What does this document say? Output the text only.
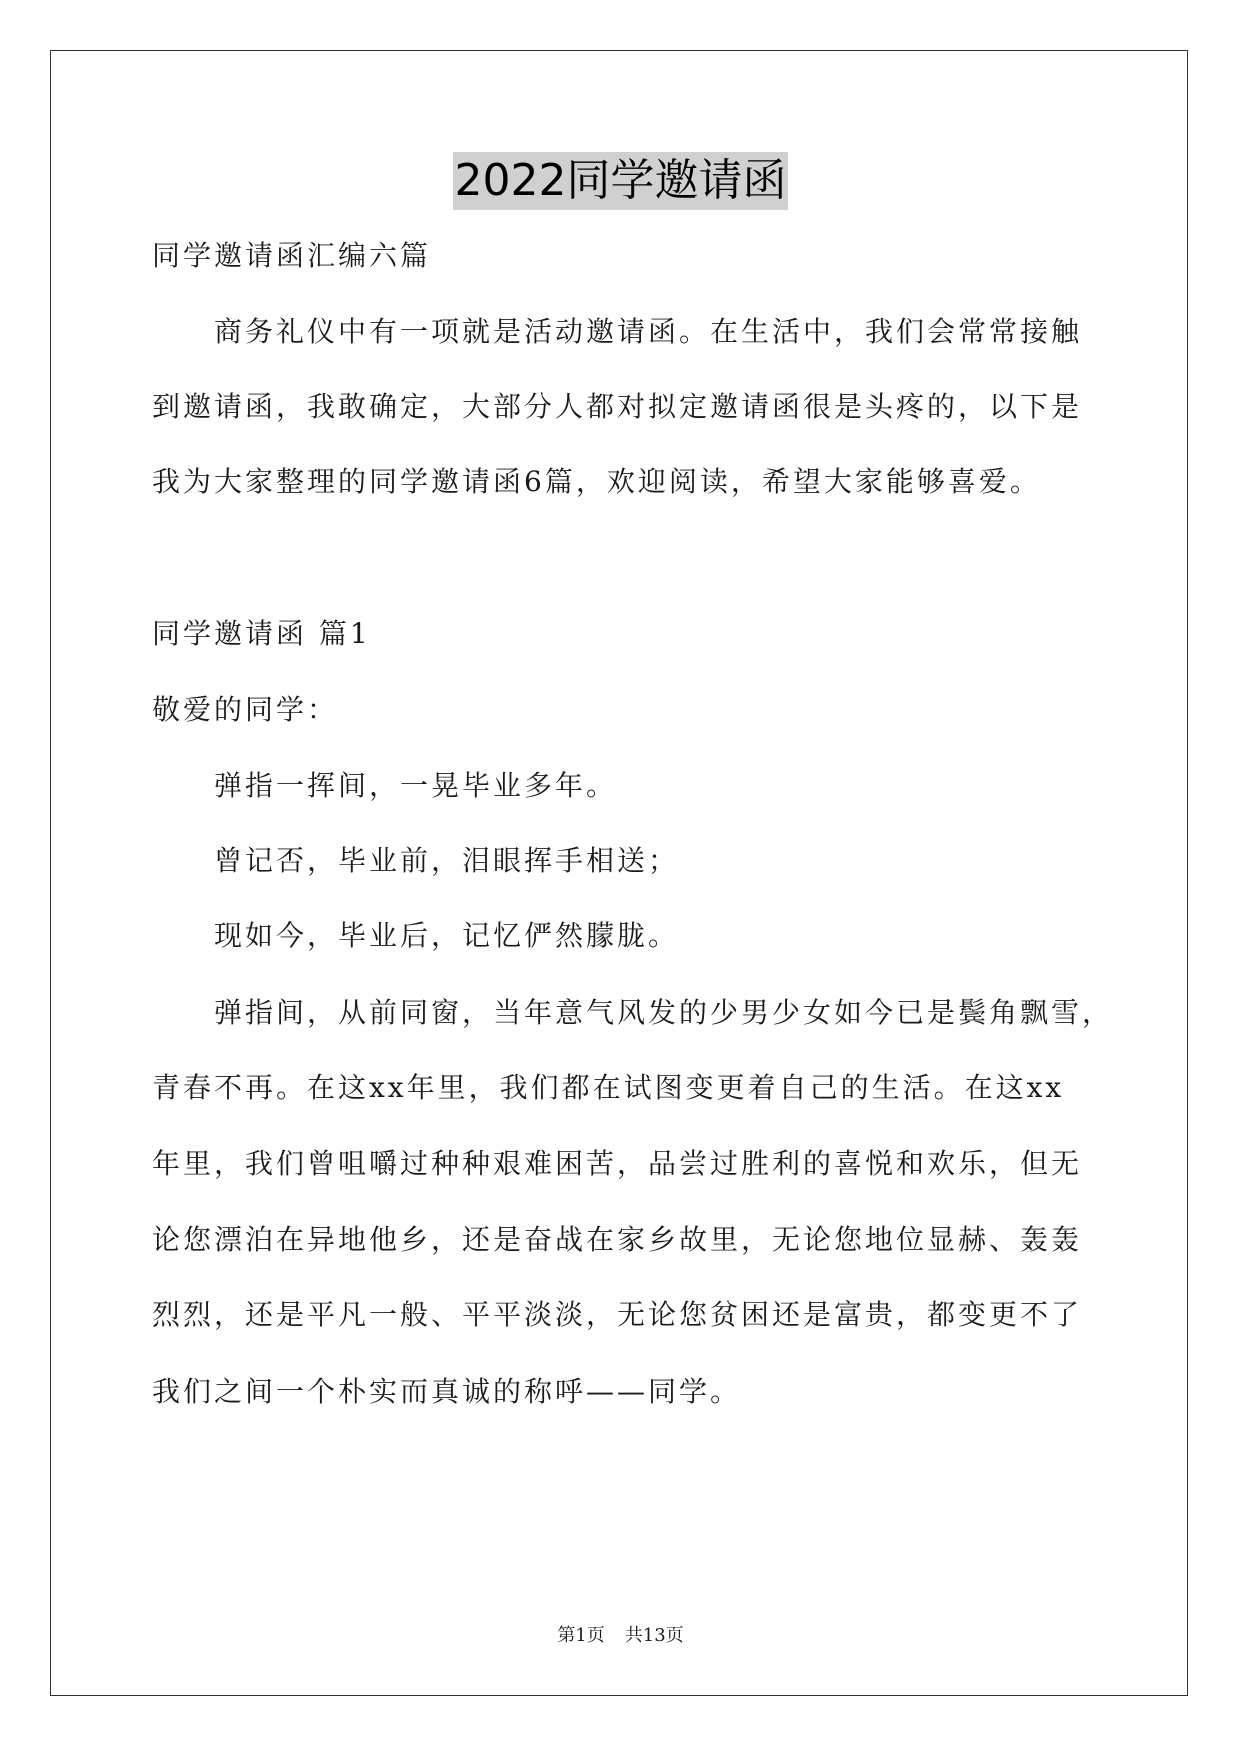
2022同学邀请函
同学邀请函汇编六篇
商务礼仪中有一项就是活动邀请函。在生活中，我们会常常接触
到邀请函，我敢确定，大部分人都对拟定邀请函很是头疼的，以下是
我为大家整理的同学邀请函6篇，欢迎阅读，希望大家能够喜爱。
同学邀请函 篇1
敬爱的同学：
弹指一挥间，一晃毕业多年。
曾记否，毕业前，泪眼挥手相送；
现如今，毕业后，记忆俨然朦胧。
弹指间，从前同窗，当年意气风发的少男少女如今已是鬓角飘雪，
青春不再。在这xx年里，我们都在试图变更着自己的生活。在这xx
年里，我们曾咀嚼过种种艰难困苦，品尝过胜利的喜悦和欢乐，但无
论您漂泊在异地他乡，还是奋战在家乡故里，无论您地位显赫、轰轰
烈烈，还是平凡一般、平平淡淡，无论您贫困还是富贵，都变更不了
我们之间一个朴实而真诚的称呼——同学。
第1页 共13页
